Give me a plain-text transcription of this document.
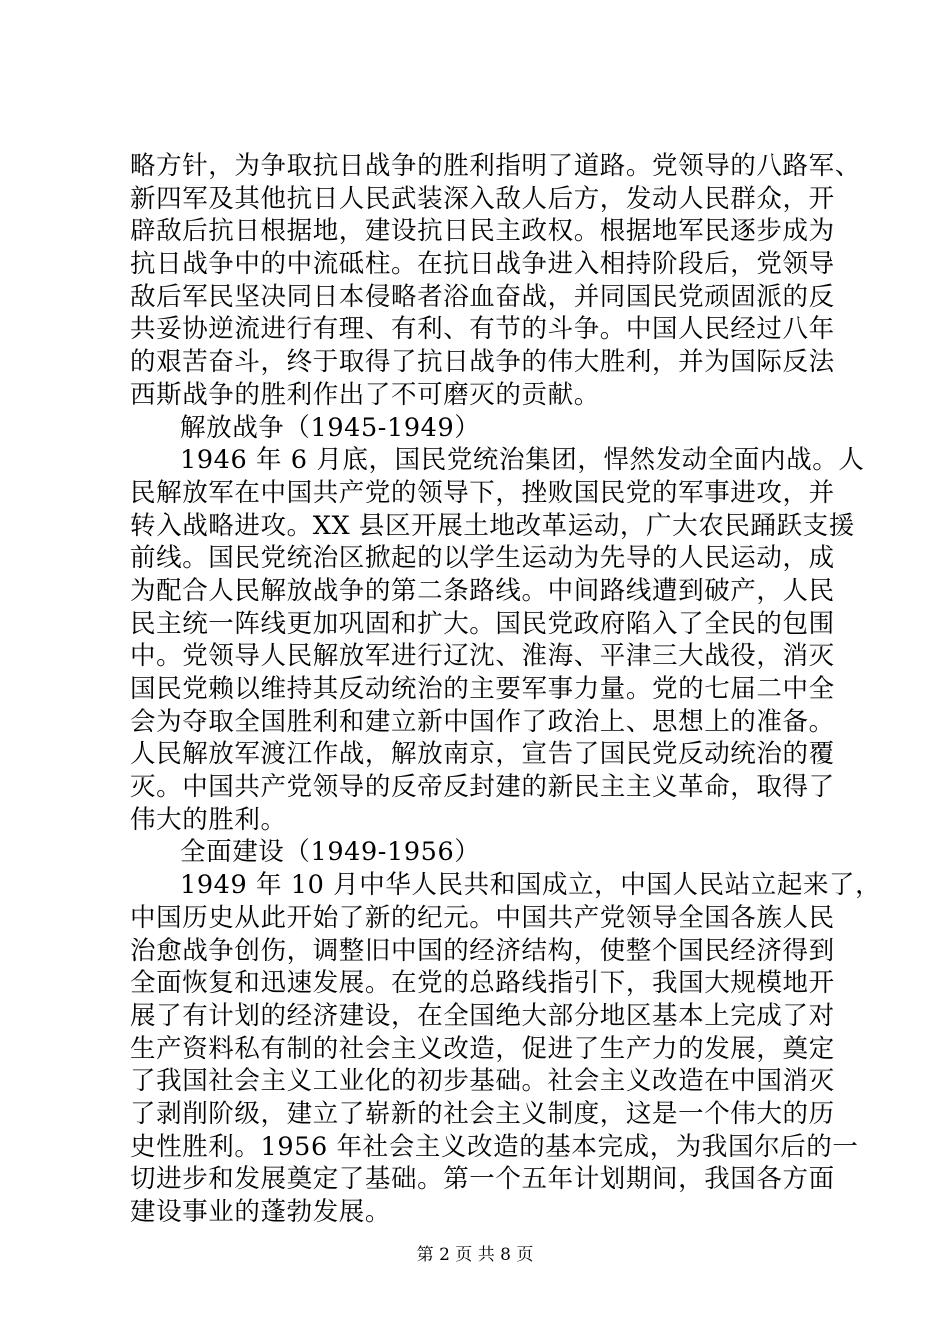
略方针，为争取抗日战争的胜利指明了道路。党领导的八路军、
新四军及其他抗日人民武装深入敌人后方，发动人民群众，开
辟敌后抗日根据地，建设抗日民主政权。根据地军民逐步成为
抗日战争中的中流砥柱。在抗日战争进入相持阶段后，党领导
敌后军民坚决同日本侵略者浴血奋战，并同国民党顽固派的反
共妥协逆流进行有理、有利、有节的斗争。中国人民经过八年
的艰苦奋斗，终于取得了抗日战争的伟大胜利，并为国际反法
西斯战争的胜利作出了不可磨灭的贡献。
解放战争（1945-1949）
1946 年 6 月底，国民党统治集团，悍然发动全面内战。人
民解放军在中国共产党的领导下，挫败国民党的军事进攻，并
转入战略进攻。XX 县区开展土地改革运动，广大农民踊跃支援
前线。国民党统治区掀起的以学生运动为先导的人民运动，成
为配合人民解放战争的第二条路线。中间路线遭到破产，人民
民主统一阵线更加巩固和扩大。国民党政府陷入了全民的包围
中。党领导人民解放军进行辽沈、淮海、平津三大战役，消灭
国民党赖以维持其反动统治的主要军事力量。党的七届二中全
会为夺取全国胜利和建立新中国作了政治上、思想上的准备。
人民解放军渡江作战，解放南京，宣告了国民党反动统治的覆
灭。中国共产党领导的反帝反封建的新民主主义革命，取得了
伟大的胜利。
全面建设（1949-1956）
1949 年 10 月中华人民共和国成立，中国人民站立起来了，
中国历史从此开始了新的纪元。中国共产党领导全国各族人民
治愈战争创伤，调整旧中国的经济结构，使整个国民经济得到
全面恢复和迅速发展。在党的总路线指引下，我国大规模地开
展了有计划的经济建设，在全国绝大部分地区基本上完成了对
生产资料私有制的社会主义改造，促进了生产力的发展，奠定
了我国社会主义工业化的初步基础。社会主义改造在中国消灭
了剥削阶级，建立了崭新的社会主义制度，这是一个伟大的历
史性胜利。1956 年社会主义改造的基本完成，为我国尔后的一
切进步和发展奠定了基础。第一个五年计划期间，我国各方面
建设事业的蓬勃发展。
第 2 页 共 8 页
